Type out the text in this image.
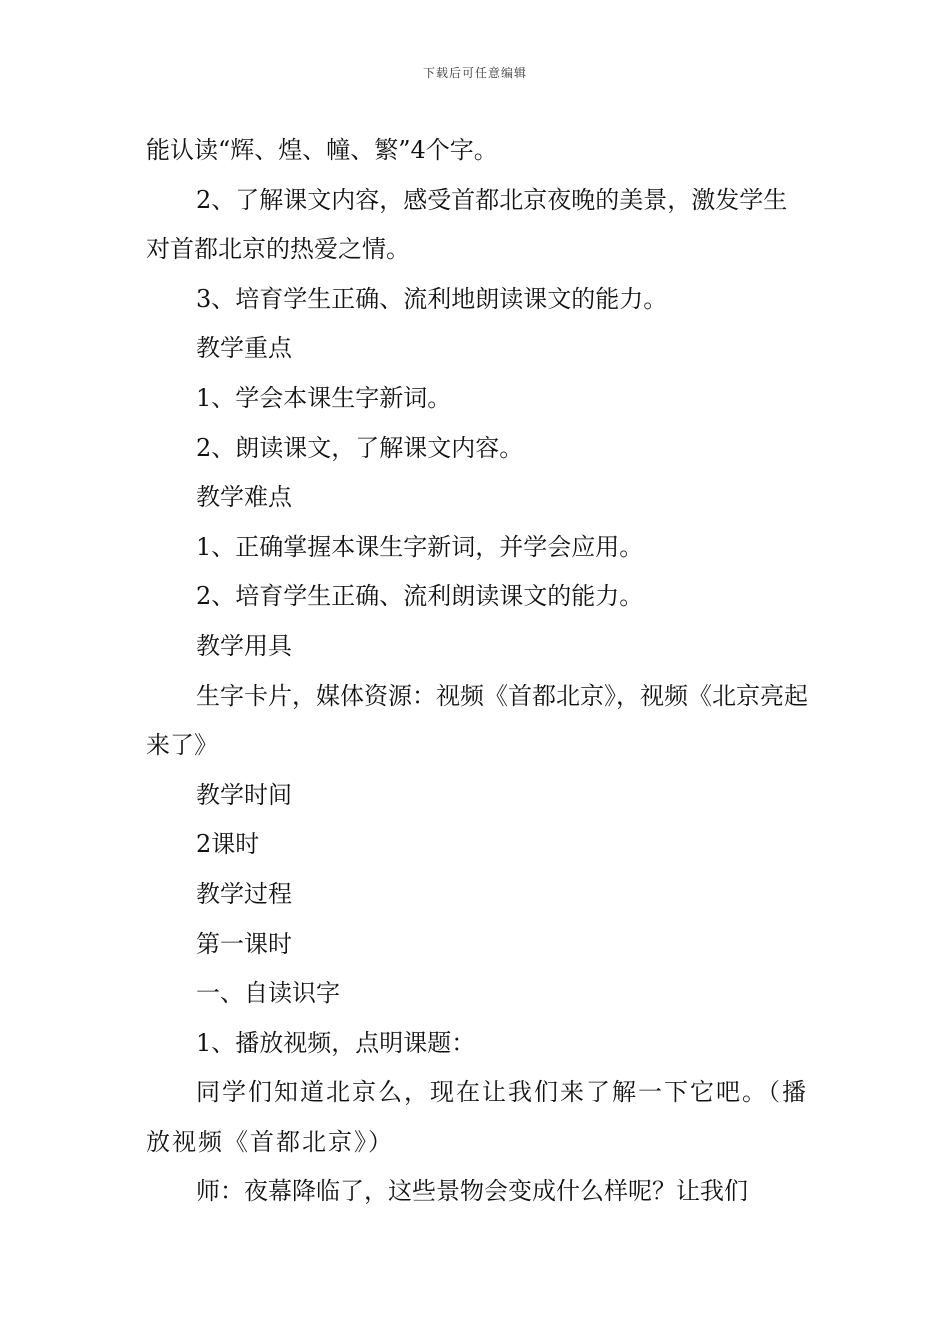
下载后可任意编辑

能认读“辉、煌、幢、繁”4个字。

2、了解课文内容，感受首都北京夜晚的美景，激发学生对首都北京的热爱之情。

3、培育学生正确、流利地朗读课文的能力。

教学重点

1、学会本课生字新词。

2、朗读课文，了解课文内容。

教学难点

1、正确掌握本课生字新词，并学会应用。

2、培育学生正确、流利朗读课文的能力。

教学用具

生字卡片，媒体资源：视频《首都北京》，视频《北京亮起来了》

教学时间

2课时

教学过程

第一课时

一、自读识字

1、播放视频，点明课题：

同学们知道北京么，现在让我们来了解一下它吧。（播放视频《首都北京》）

师：夜幕降临了，这些景物会变成什么样呢？让我们
